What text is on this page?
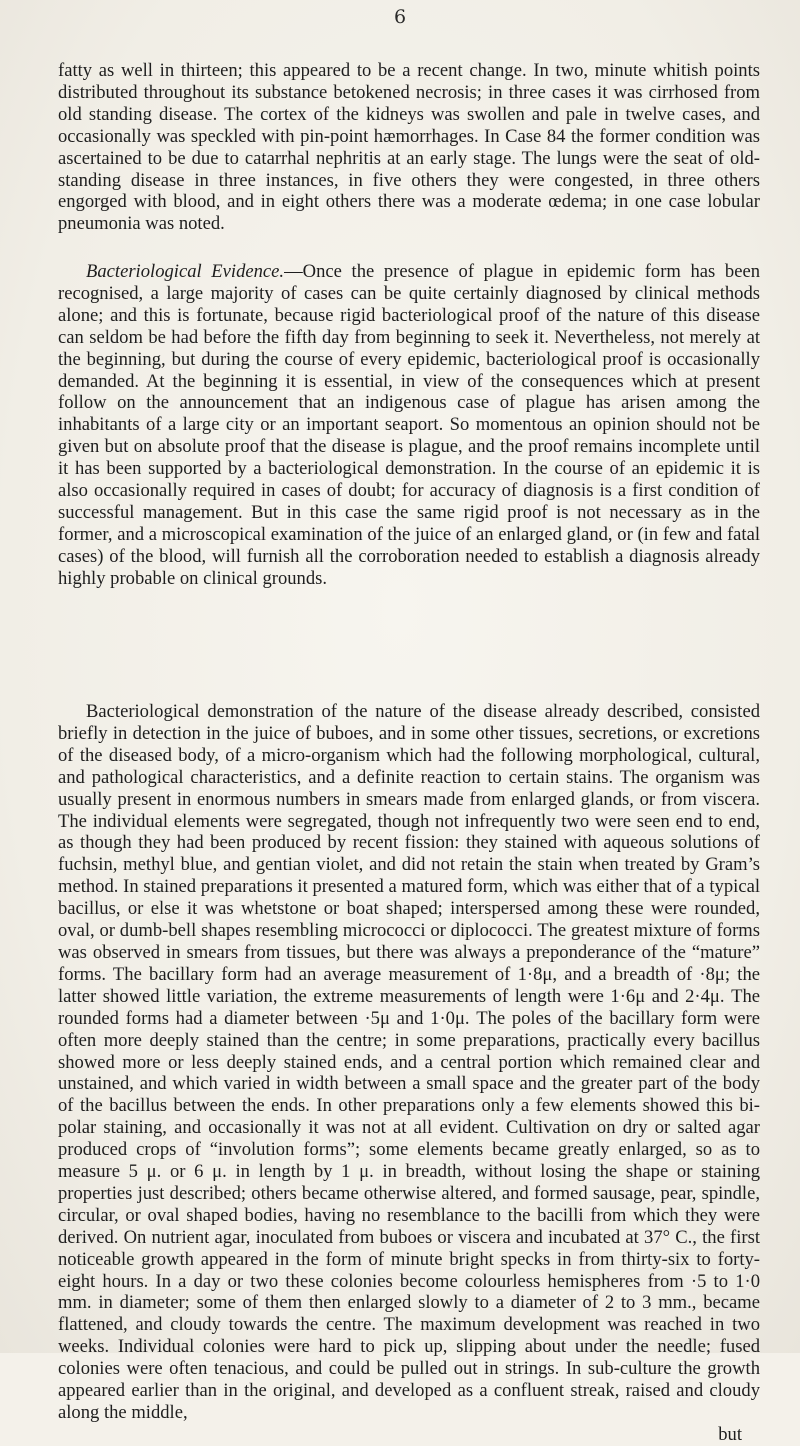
6

fatty as well in thirteen; this appeared to be a recent change. In two, minute whitish points distributed throughout its substance betokened necrosis; in three cases it was cirrhosed from old standing disease. The cortex of the kidneys was swollen and pale in twelve cases, and occasionally was speckled with pin-point hæmorrhages. In Case 84 the former condition was ascertained to be due to catarrhal nephritis at an early stage. The lungs were the seat of old-standing disease in three instances, in five others they were congested, in three others engorged with blood, and in eight others there was a moderate œdema; in one case lobular pneumonia was noted.

Bacteriological Evidence.—Once the presence of plague in epidemic form has been recognised, a large majority of cases can be quite certainly diagnosed by clinical methods alone; and this is fortunate, because rigid bacteriological proof of the nature of this disease can seldom be had before the fifth day from beginning to seek it. Nevertheless, not merely at the beginning, but during the course of every epidemic, bacteriological proof is occasionally demanded. At the beginning it is essential, in view of the consequences which at present follow on the announcement that an indigenous case of plague has arisen among the inhabitants of a large city or an important seaport. So momentous an opinion should not be given but on absolute proof that the disease is plague, and the proof remains incomplete until it has been supported by a bacteriological demonstration. In the course of an epidemic it is also occasionally required in cases of doubt; for accuracy of diagnosis is a first condition of successful management. But in this case the same rigid proof is not necessary as in the former, and a microscopical examination of the juice of an enlarged gland, or (in few and fatal cases) of the blood, will furnish all the corroboration needed to establish a diagnosis already highly probable on clinical grounds.

Bacteriological demonstration of the nature of the disease already described, consisted briefly in detection in the juice of buboes, and in some other tissues, secretions, or excretions of the diseased body, of a micro-organism which had the following morphological, cultural, and pathological characteristics, and a definite reaction to certain stains. The organism was usually present in enormous numbers in smears made from enlarged glands, or from viscera. The individual elements were segregated, though not infrequently two were seen end to end, as though they had been produced by recent fission: they stained with aqueous solutions of fuchsin, methyl blue, and gentian violet, and did not retain the stain when treated by Gram’s method. In stained preparations it presented a matured form, which was either that of a typical bacillus, or else it was whetstone or boat shaped; interspersed among these were rounded, oval, or dumb-bell shapes resembling micrococci or diplococci. The greatest mixture of forms was observed in smears from tissues, but there was always a preponderance of the “mature” forms. The bacillary form had an average measurement of 1·8μ, and a breadth of ·8μ; the latter showed little variation, the extreme measurements of length were 1·6μ and 2·4μ. The rounded forms had a diameter between ·5μ and 1·0μ. The poles of the bacillary form were often more deeply stained than the centre; in some preparations, practically every bacillus showed more or less deeply stained ends, and a central portion which remained clear and unstained, and which varied in width between a small space and the greater part of the body of the bacillus between the ends. In other preparations only a few elements showed this bi-polar staining, and occasionally it was not at all evident. Cultivation on dry or salted agar produced crops of “involution forms”; some elements became greatly enlarged, so as to measure 5 μ. or 6 μ. in length by 1 μ. in breadth, without losing the shape or staining properties just described; others became otherwise altered, and formed sausage, pear, spindle, circular, or oval shaped bodies, having no resemblance to the bacilli from which they were derived. On nutrient agar, inoculated from buboes or viscera and incubated at 37° C., the first noticeable growth appeared in the form of minute bright specks in from thirty-six to forty-eight hours. In a day or two these colonies become colourless hemispheres from ·5 to 1·0 mm. in diameter; some of them then enlarged slowly to a diameter of 2 to 3 mm., became flattened, and cloudy towards the centre. The maximum development was reached in two weeks. Individual colonies were hard to pick up, slipping about under the needle; fused colonies were often tenacious, and could be pulled out in strings. In sub-culture the growth appeared earlier than in the original, and developed as a confluent streak, raised and cloudy along the middle,

but
